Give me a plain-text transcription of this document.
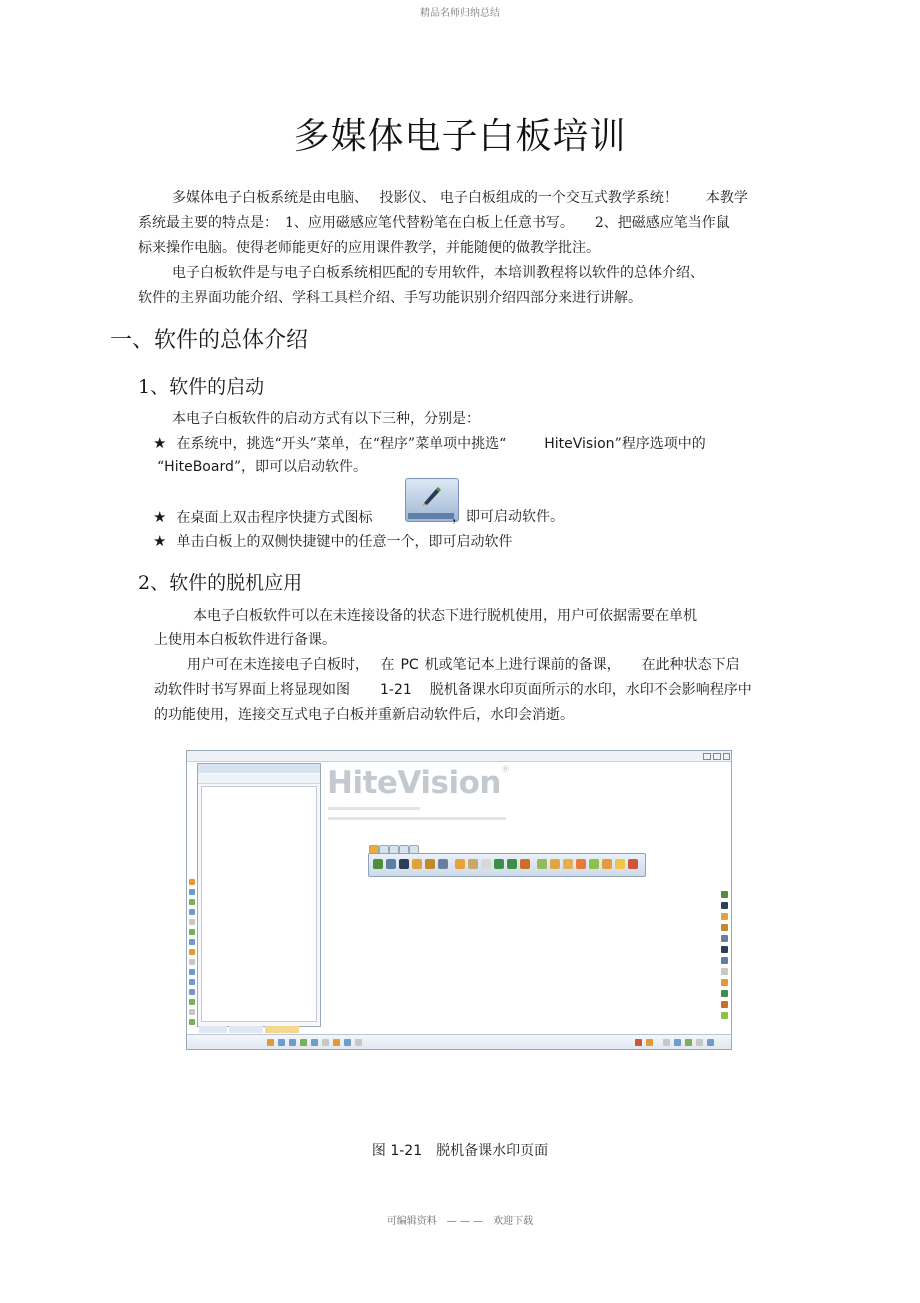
精品名师归纳总结
多媒体电子白板培训
多媒体电子白板系统是由电脑、　 投影仪、 电子白板组成的一个交互式教学系统！　　本教学
系统最主要的特点是：　1、应用磁感应笔代替粉笔在白板上任意书写。　　2、把磁感应笔当作鼠
标来操作电脑。使得老师能更好的应用课件教学，并能随便的做教学批注。
电子白板软件是与电子白板系统相匹配的专用软件，本培训教程将以软件的总体介绍、
软件的主界面功能介绍、学科工具栏介绍、手写功能识别介绍四部分来进行讲解。
一、软件的总体介绍
1、软件的启动
本电子白板软件的启动方式有以下三种，分别是：
★ 在系统中，挑选“开头”菜单，在“程序”菜单项中挑选“	HiteVision”程序选项中的
“HiteBoard”，即可以启动软件。
★ 在桌面上双击程序快捷方式图标	，即可启动软件。
★ 单击白板上的双侧快捷键中的任意一个，即可启动软件
2、软件的脱机应用
本电子白板软件可以在未连接设备的状态下进行脱机使用，用户可依据需要在单机
上使用本白板软件进行备课。
用户可在未连接电子白板时，　 在 PC 机或笔记本上进行课前的备课，　　在此种状态下启
动软件时书写界面上将显现如图 1-21 脱机备课水印页面所示的水印，水印不会影响程序中
的功能使用，连接交互式电子白板并重新启动软件后，水印会消逝。
HiteVision®
图 1-21 脱机备课水印页面
可编辑资料　— — —　欢迎下载
